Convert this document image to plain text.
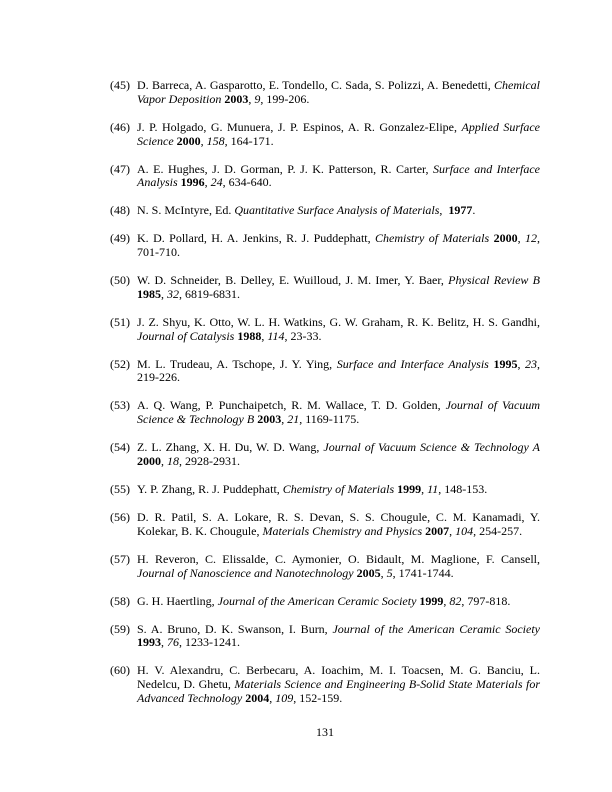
(45) D. Barreca, A. Gasparotto, E. Tondello, C. Sada, S. Polizzi, A. Benedetti, Chemical Vapor Deposition 2003, 9, 199-206.

(46) J. P. Holgado, G. Munuera, J. P. Espinos, A. R. Gonzalez-Elipe, Applied Surface Science 2000, 158, 164-171.

(47) A. E. Hughes, J. D. Gorman, P. J. K. Patterson, R. Carter, Surface and Interface Analysis 1996, 24, 634-640.

(48) N. S. McIntyre, Ed. Quantitative Surface Analysis of Materials,  1977.

(49) K. D. Pollard, H. A. Jenkins, R. J. Puddephatt, Chemistry of Materials 2000, 12, 701-710.

(50) W. D. Schneider, B. Delley, E. Wuilloud, J. M. Imer, Y. Baer, Physical Review B 1985, 32, 6819-6831.

(51) J. Z. Shyu, K. Otto, W. L. H. Watkins, G. W. Graham, R. K. Belitz, H. S. Gandhi, Journal of Catalysis 1988, 114, 23-33.

(52) M. L. Trudeau, A. Tschope, J. Y. Ying, Surface and Interface Analysis 1995, 23, 219-226.

(53) A. Q. Wang, P. Punchaipetch, R. M. Wallace, T. D. Golden, Journal of Vacuum Science & Technology B 2003, 21, 1169-1175.

(54) Z. L. Zhang, X. H. Du, W. D. Wang, Journal of Vacuum Science & Technology A 2000, 18, 2928-2931.

(55) Y. P. Zhang, R. J. Puddephatt, Chemistry of Materials 1999, 11, 148-153.

(56) D. R. Patil, S. A. Lokare, R. S. Devan, S. S. Chougule, C. M. Kanamadi, Y. Kolekar, B. K. Chougule, Materials Chemistry and Physics 2007, 104, 254-257.

(57) H. Reveron, C. Elissalde, C. Aymonier, O. Bidault, M. Maglione, F. Cansell, Journal of Nanoscience and Nanotechnology 2005, 5, 1741-1744.

(58) G. H. Haertling, Journal of the American Ceramic Society 1999, 82, 797-818.

(59) S. A. Bruno, D. K. Swanson, I. Burn, Journal of the American Ceramic Society 1993, 76, 1233-1241.

(60) H. V. Alexandru, C. Berbecaru, A. Ioachim, M. I. Toacsen, M. G. Banciu, L. Nedelcu, D. Ghetu, Materials Science and Engineering B-Solid State Materials for Advanced Technology 2004, 109, 152-159.

131
